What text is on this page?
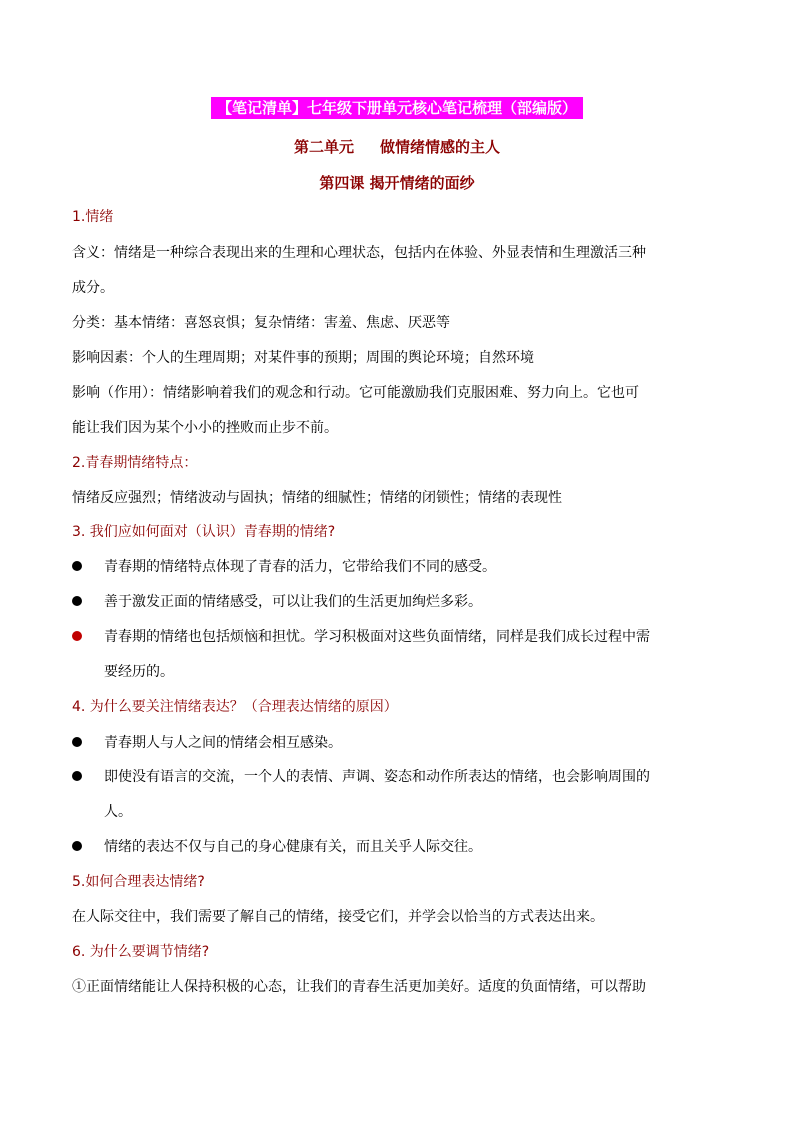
【笔记清单】七年级下册单元核心笔记梳理（部编版）
第二单元 做情绪情感的主人
第四课 揭开情绪的面纱
1.情绪
含义：情绪是一种综合表现出来的生理和心理状态，包括内在体验、外显表情和生理激活三种
成分。
分类：基本情绪：喜怒哀惧；复杂情绪：害羞、焦虑、厌恶等
影响因素：个人的生理周期；对某件事的预期；周围的舆论环境；自然环境
影响（作用）：情绪影响着我们的观念和行动。它可能激励我们克服困难、努力向上。它也可
能让我们因为某个小小的挫败而止步不前。
2.青春期情绪特点：
情绪反应强烈；情绪波动与固执；情绪的细腻性；情绪的闭锁性；情绪的表现性
3. 我们应如何面对（认识）青春期的情绪?
青春期的情绪特点体现了青春的活力，它带给我们不同的感受。
善于激发正面的情绪感受，可以让我们的生活更加绚烂多彩。
青春期的情绪也包括烦恼和担忧。学习积极面对这些负面情绪，同样是我们成长过程中需
要经历的。
4. 为什么要关注情绪表达？（合理表达情绪的原因）
青春期人与人之间的情绪会相互感染。
即使没有语言的交流，一个人的表情、声调、姿态和动作所表达的情绪，也会影响周围的
人。
情绪的表达不仅与自己的身心健康有关，而且关乎人际交往。
5.如何合理表达情绪?
在人际交往中，我们需要了解自己的情绪，接受它们，并学会以恰当的方式表达出来。
6. 为什么要调节情绪?
①正面情绪能让人保持积极的心态，让我们的青春生活更加美好。适度的负面情绪，可以帮助
